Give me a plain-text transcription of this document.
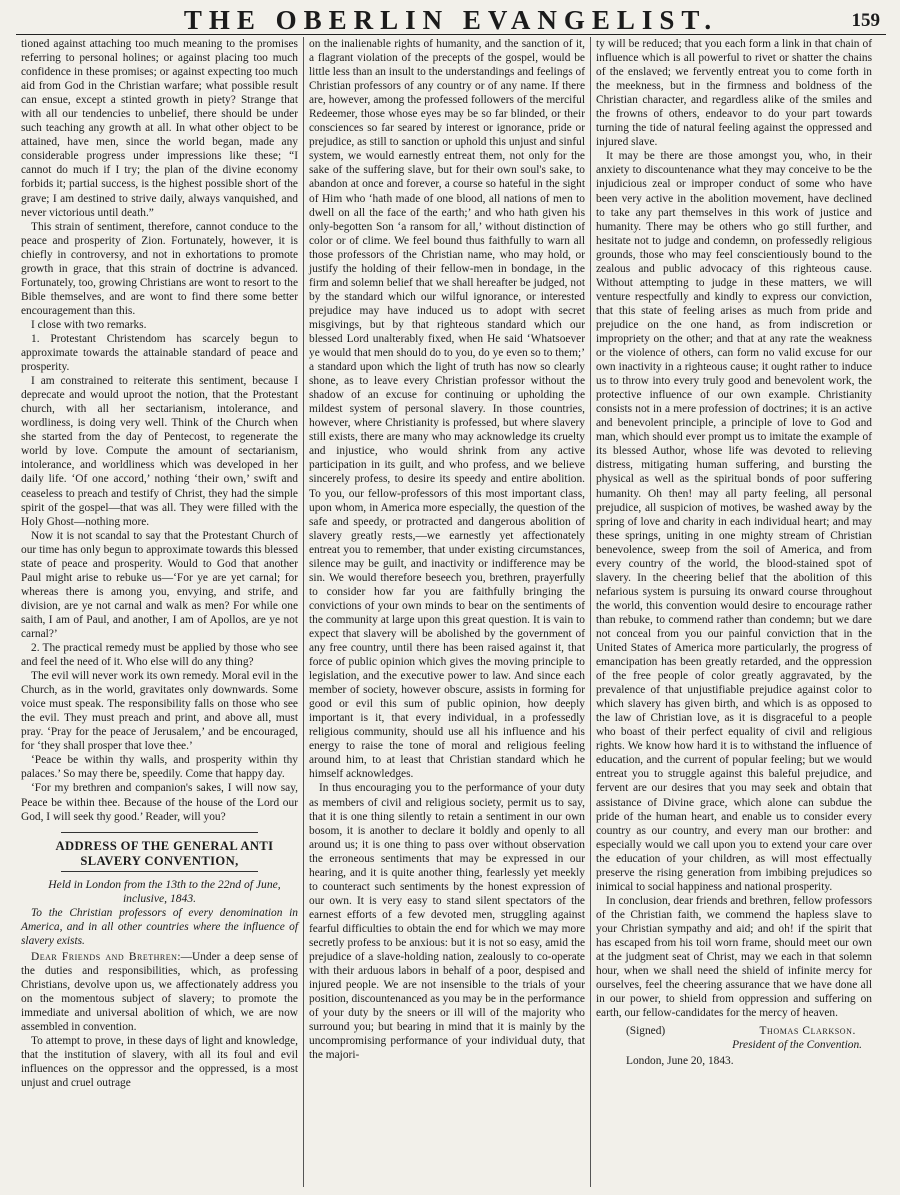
THE OBERLIN EVANGELIST.	159

tioned against attaching too much meaning to the promises referring to personal holines; or against placing too much confidence in these promises; or against expecting too much aid from God in the Christian warfare; what possible result can ensue, except a stinted growth in piety? Strange that with all our tendencies to unbelief, there should be under such teaching any growth at all. In what other object to be attained, have men, since the world began, made any considerable progress under impressions like these; “I cannot do much if I try; the plan of the divine economy forbids it; partial success, is the highest possible short of the grave; I am destined to strive daily, always vanquished, and never victorious until death.”

This strain of sentiment, therefore, cannot conduce to the peace and prosperity of Zion. Fortunately, however, it is chiefly in controversy, and not in exhortations to promote growth in grace, that this strain of doctrine is advanced. Fortunately, too, growing Christians are wont to resort to the Bible themselves, and are wont to find there some better encouragement than this.

I close with two remarks.

1. Protestant Christendom has scarcely begun to approximate towards the attainable standard of peace and prosperity.

I am constrained to reiterate this sentiment, because I deprecate and would uproot the notion, that the Protestant church, with all her sectarianism, intolerance, and wordliness, is doing very well. Think of the Church when she started from the day of Pentecost, to regenerate the world by love. Compute the amount of sectarianism, intolerance, and worldliness which was developed in her daily life. ‘Of one accord,’ nothing ‘their own,’ swift and ceaseless to preach and testify of Christ, they had the simple spirit of the gospel—that was all. They were filled with the Holy Ghost—nothing more.

Now it is not scandal to say that the Protestant Church of our time has only begun to approximate towards this blessed state of peace and prosperity. Would to God that another Paul might arise to rebuke us—‘For ye are yet carnal; for whereas there is among you, envying, and strife, and division, are ye not carnal and walk as men? For while one saith, I am of Paul, and another, I am of Apollos, are ye not carnal?’

2. The practical remedy must be applied by those who see and feel the need of it. Who else will do any thing?

The evil will never work its own remedy. Moral evil in the Church, as in the world, gravitates only downwards. Some voice must speak. The responsibility falls on those who see the evil. They must preach and print, and above all, must pray. ‘Pray for the peace of Jerusalem,’ and be encouraged, for ‘they shall prosper that love thee.’

‘Peace be within thy walls, and prosperity within thy palaces.’ So may there be, speedily. Come that happy day.

‘For my brethren and companion's sakes, I will now say, Peace be within thee. Because of the house of the Lord our God, I will seek thy good.’ Reader, will you?

ADDRESS OF THE GENERAL ANTI SLAVERY CONVENTION,

Held in London from the 13th to the 22nd of June, inclusive, 1843.

To the Christian professors of every denomination in America, and in all other countries where the influence of slavery exists.

Dear Friends and Brethren:—Under a deep sense of the duties and responsibilities, which, as professing Christians, devolve upon us, we affectionately address you on the momentous subject of slavery; to promote the immediate and universal abolition of which, we are now assembled in convention.

To attempt to prove, in these days of light and knowledge, that the institution of slavery, with all its foul and evil influences on the oppressor and the oppressed, is a most unjust and cruel outrage

on the inalienable rights of humanity, and the sanction of it, a flagrant violation of the precepts of the gospel, would be little less than an insult to the understandings and feelings of Christian professors of any country or of any name. If there are, however, among the professed followers of the merciful Redeemer, those whose eyes may be so far blinded, or their consciences so far seared by interest or ignorance, pride or prejudice, as still to sanction or uphold this unjust and sinful system, we would earnestly entreat them, not only for the sake of the suffering slave, but for their own soul's sake, to abandon at once and forever, a course so hateful in the sight of Him who ‘hath made of one blood, all nations of men to dwell on all the face of the earth;’ and who hath given his only-begotten Son ‘a ransom for all,’ without distinction of color or of clime. We feel bound thus faithfully to warn all those professors of the Christian name, who may hold, or justify the holding of their fellow-men in bondage, in the firm and solemn belief that we shall hereafter be judged, not by the standard which our wilful ignorance, or interested prejudice may have induced us to adopt with secret misgivings, but by that righteous standard which our blessed Lord unalterably fixed, when He said ‘Whatsoever ye would that men should do to you, do ye even so to them;’ a standard upon which the light of truth has now so clearly shone, as to leave every Christian professor without the shadow of an excuse for continuing or upholding the mildest system of personal slavery. In those countries, however, where Christianity is professed, but where slavery still exists, there are many who may acknowledge its cruelty and injustice, who would shrink from any active participation in its guilt, and who profess, and we believe sincerely profess, to desire its speedy and entire abolition. To you, our fellow-professors of this most important class, upon whom, in America more especially, the question of the safe and speedy, or protracted and dangerous abolition of slavery greatly rests,—we earnestly yet affectionately entreat you to remember, that under existing circumstances, silence may be guilt, and inactivity or indifference may be sin. We would therefore beseech you, brethren, prayerfully to consider how far you are faithfully bringing the convictions of your own minds to bear on the sentiments of the community at large upon this great question. It is vain to expect that slavery will be abolished by the government of any free country, until there has been raised against it, that force of public opinion which gives the moving principle to legislation, and the executive power to law. And since each member of society, however obscure, assists in forming for good or evil this sum of public opinion, how deeply important is it, that every individual, in a professedly religious community, should use all his influence and his energy to raise the tone of moral and religious feeling around him, to at least that Christian standard which he himself acknowledges.

In thus encouraging you to the performance of your duty as members of civil and religious society, permit us to say, that it is one thing silently to retain a sentiment in our own bosom, it is another to declare it boldly and openly to all around us; it is one thing to pass over without observation the erroneous sentiments that may be expressed in our hearing, and it is quite another thing, fearlessly yet meekly to counteract such sentiments by the honest expression of our own. It is very easy to stand silent spectators of the earnest efforts of a few devoted men, struggling against fearful difficulties to obtain the end for which we may more secretly profess to be anxious: but it is not so easy, amid the prejudice of a slave-holding nation, zealously to co-operate with their arduous labors in behalf of a poor, despised and injured people. We are not insensible to the trials of your position, discountenanced as you may be in the performance of your duty by the sneers or ill will of the majority who surround you; but bearing in mind that it is mainly by the uncompromising performance of your individual duty, that the majori-

ty will be reduced; that you each form a link in that chain of influence which is all powerful to rivet or shatter the chains of the enslaved; we fervently entreat you to come forth in the meekness, but in the firmness and boldness of the Christian character, and regardless alike of the smiles and the frowns of others, endeavor to do your part towards turning the tide of natural feeling against the oppressed and injured slave.

It may be there are those amongst you, who, in their anxiety to discountenance what they may conceive to be the injudicious zeal or improper conduct of some who have been very active in the abolition movement, have declined to take any part themselves in this work of justice and humanity. There may be others who go still further, and hesitate not to judge and condemn, on professedly religious grounds, those who may feel conscientiously bound to the zealous and public advocacy of this righteous cause. Without attempting to judge in these matters, we will venture respectfully and kindly to express our conviction, that this state of feeling arises as much from pride and prejudice on the one hand, as from indiscretion or impropriety on the other; and that at any rate the weakness or the violence of others, can form no valid excuse for our own inactivity in a righteous cause; it ought rather to induce us to throw into every truly good and benevolent work, the protective influence of our own example. Christianity consists not in a mere profession of doctrines; it is an active and benevolent principle, a principle of love to God and man, which should ever prompt us to imitate the example of its blessed Author, whose life was devoted to relieving distress, mitigating human suffering, and bursting the physical as well as the spiritual bonds of poor suffering humanity. Oh then! may all party feeling, all personal prejudice, all suspicion of motives, be washed away by the spring of love and charity in each individual heart; and may these springs, uniting in one mighty stream of Christian benevolence, sweep from the soil of America, and from every country of the world, the blood-stained spot of slavery. In the cheering belief that the abolition of this nefarious system is pursuing its onward course throughout the world, this convention would desire to encourage rather than rebuke, to commend rather than condemn; but we dare not conceal from you our painful conviction that in the United States of America more particularly, the progress of emancipation has been greatly retarded, and the oppression of the free people of color greatly aggravated, by the prevalence of that unjustifiable prejudice against color to which slavery has given birth, and which is as opposed to the law of Christian love, as it is disgraceful to a people who boast of their perfect equality of civil and religious rights. We know how hard it is to withstand the influence of education, and the current of popular feeling; but we would entreat you to struggle against this baleful prejudice, and fervent are our desires that you may seek and obtain that assistance of Divine grace, which alone can subdue the pride of the human heart, and enable us to consider every country as our country, and every man our brother: and especially would we call upon you to extend your care over the education of your children, as will most effectually preserve the rising generation from imbibing prejudices so inimical to social happiness and national prosperity.

In conclusion, dear friends and brethren, fellow professors of the Christian faith, we commend the hapless slave to your Christian sympathy and aid; and oh! if the spirit that has escaped from his toil worn frame, should meet our own at the judgment seat of Christ, may we each in that solemn hour, when we shall need the shield of infinite mercy for ourselves, feel the cheering assurance that we have done all in our power, to shield from oppression and suffering on earth, our fellow-candidates for the mercy of heaven.

(Signed)	Thomas Clarkson.
President of the Convention.
London, June 20, 1843.
